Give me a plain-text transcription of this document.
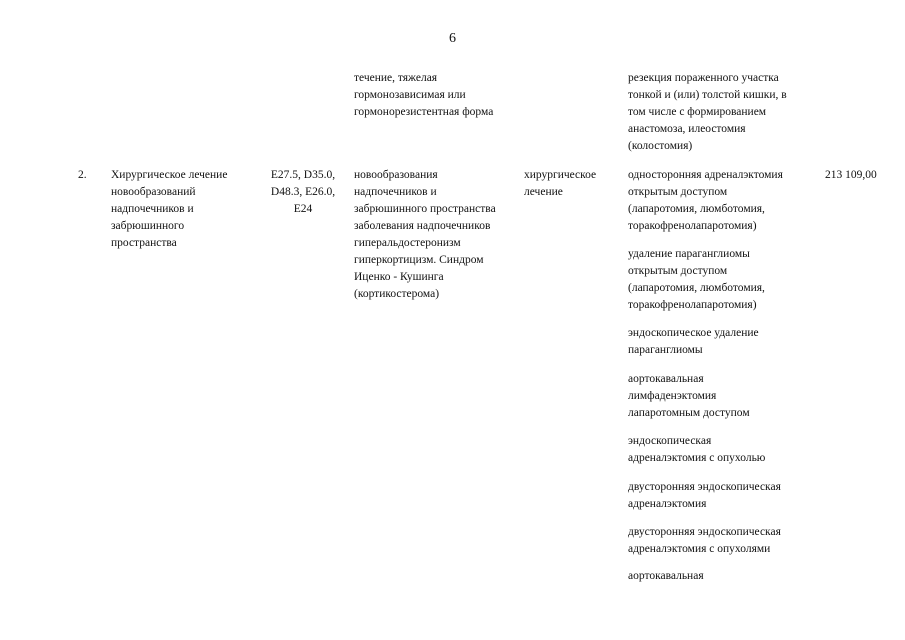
6
течение, тяжелая
гормонозависимая или
гормонорезистентная форма
резекция пораженного участка
тонкой и (или) толстой кишки, в
том числе с формированием
анастомоза, илеостомия
(колостомия)
2.	Хирургическое лечение
новообразований
надпочечников и
забрюшинного
пространства
E27.5, D35.0,
D48.3, E26.0,
E24
новообразования
надпочечников и
забрюшинного пространства
заболевания надпочечников
гиперальдостеронизм
гиперкортицизм. Синдром
Иценко - Кушинга
(кортикостерома)
хирургическое
лечение
213 109,00
односторонняя адреналэктомия
открытым доступом
(лапаротомия, люмботомия,
торакофренолапаротомия)
удаление параганглиомы
открытым доступом
(лапаротомия, люмботомия,
торакофренолапаротомия)
эндоскопическое удаление
параганглиомы
аортокавальная
лимфаденэктомия
лапаротомным доступом
эндоскопическая
адреналэктомия с опухолью
двусторонняя эндоскопическая
адреналэктомия
двусторонняя эндоскопическая
адреналэктомия с опухолями
аортокавальная
